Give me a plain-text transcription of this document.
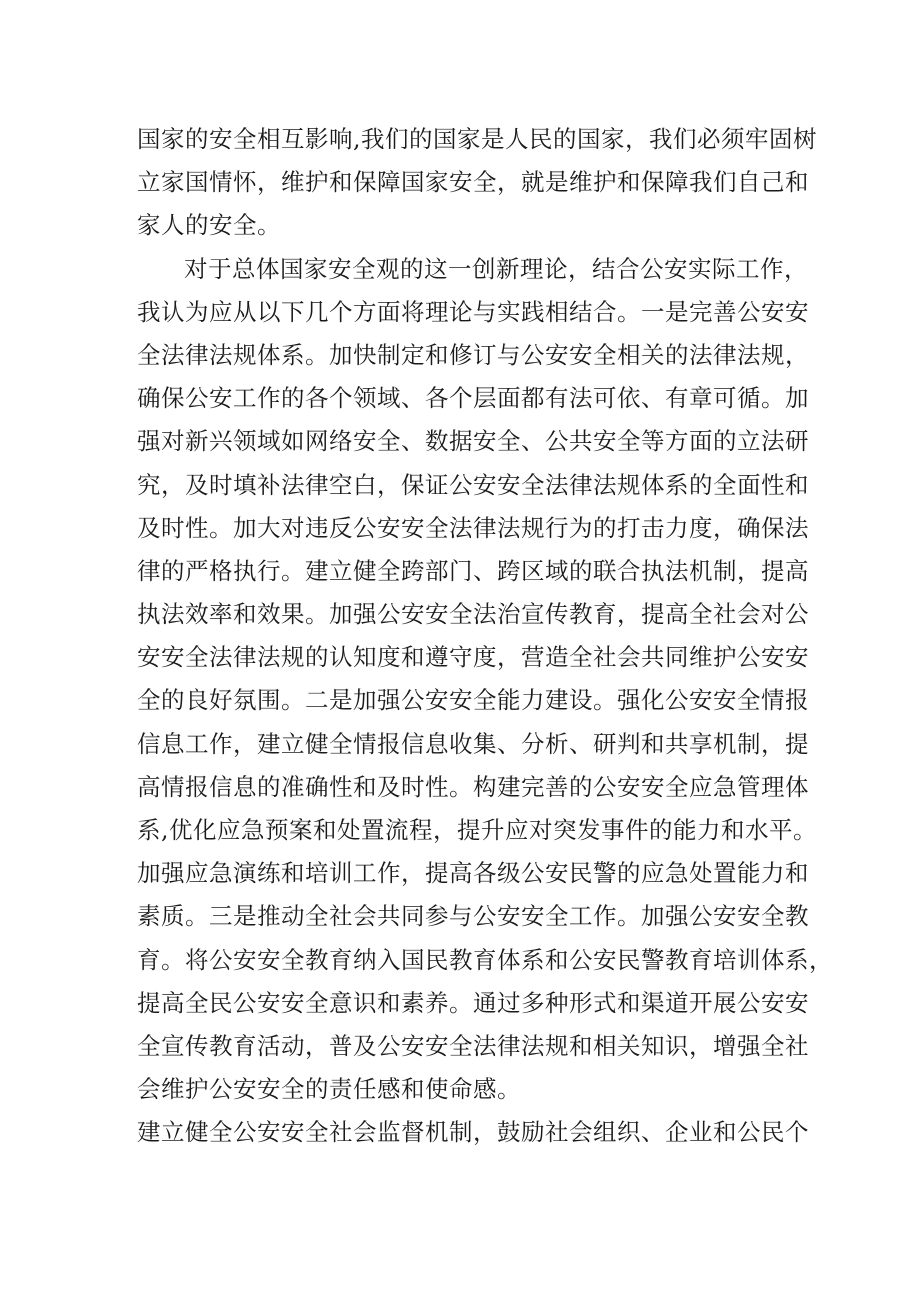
国家的安全相互影响,我们的国家是人民的国家，我们必须牢固树
立家国情怀，维护和保障国家安全，就是维护和保障我们自己和
家人的安全。
对于总体国家安全观的这一创新理论，结合公安实际工作，
我认为应从以下几个方面将理论与实践相结合。一是完善公安安
全法律法规体系。加快制定和修订与公安安全相关的法律法规，
确保公安工作的各个领域、各个层面都有法可依、有章可循。加
强对新兴领域如网络安全、数据安全、公共安全等方面的立法研
究，及时填补法律空白，保证公安安全法律法规体系的全面性和
及时性。加大对违反公安安全法律法规行为的打击力度，确保法
律的严格执行。建立健全跨部门、跨区域的联合执法机制，提高
执法效率和效果。加强公安安全法治宣传教育，提高全社会对公
安安全法律法规的认知度和遵守度，营造全社会共同维护公安安
全的良好氛围。二是加强公安安全能力建设。强化公安安全情报
信息工作，建立健全情报信息收集、分析、研判和共享机制，提
高情报信息的准确性和及时性。构建完善的公安安全应急管理体
系,优化应急预案和处置流程，提升应对突发事件的能力和水平。
加强应急演练和培训工作，提高各级公安民警的应急处置能力和
素质。三是推动全社会共同参与公安安全工作。加强公安安全教
育。将公安安全教育纳入国民教育体系和公安民警教育培训体系，
提高全民公安安全意识和素养。通过多种形式和渠道开展公安安
全宣传教育活动，普及公安安全法律法规和相关知识，增强全社
会维护公安安全的责任感和使命感。
建立健全公安安全社会监督机制，鼓励社会组织、企业和公民个
